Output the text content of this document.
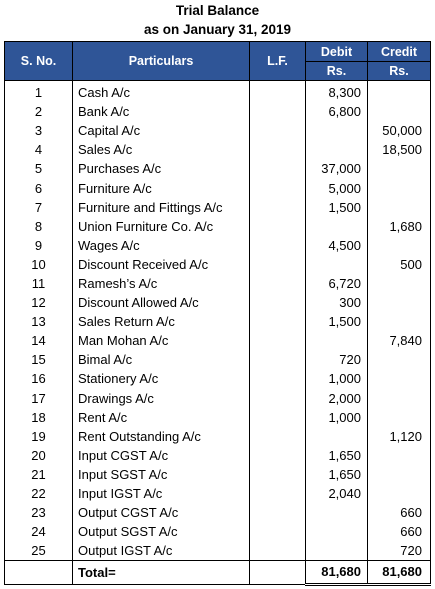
Trial Balance
as on January 31, 2019
S. No.	Particulars	L.F.	Debit	Credit
			Rs.	Rs.
1	Cash A/c		8,300	
2	Bank A/c		6,800	
3	Capital A/c			50,000
4	Sales A/c			18,500
5	Purchases A/c		37,000	
6	Furniture A/c		5,000	
7	Furniture and Fittings A/c		1,500	
8	Union Furniture Co. A/c			1,680
9	Wages A/c		4,500	
10	Discount Received A/c			500
11	Ramesh’s A/c		6,720	
12	Discount Allowed A/c		300	
13	Sales Return A/c		1,500	
14	Man Mohan A/c			7,840
15	Bimal A/c		720	
16	Stationery A/c		1,000	
17	Drawings A/c		2,000	
18	Rent A/c		1,000	
19	Rent Outstanding A/c			1,120
20	Input CGST A/c		1,650	
21	Input SGST A/c		1,650	
22	Input IGST A/c		2,040	
23	Output CGST A/c			660
24	Output SGST A/c			660
25	Output IGST A/c			720
	Total=		81,680	81,680
